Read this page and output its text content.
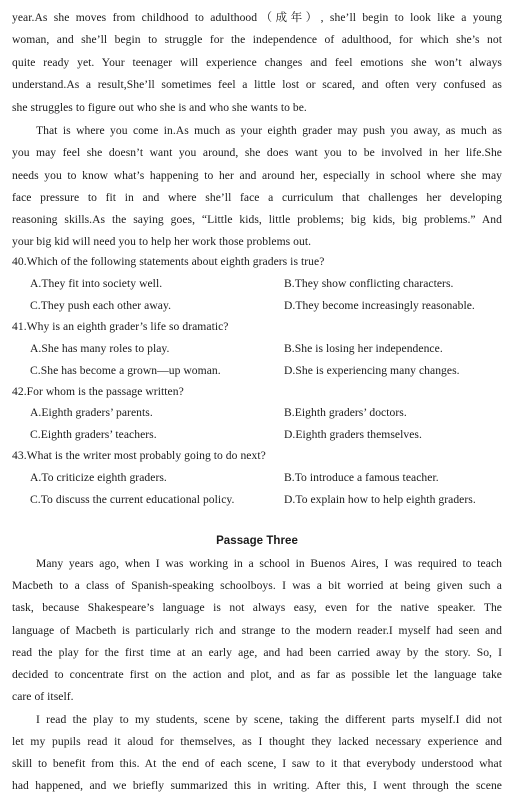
year.As she moves from childhood to adulthood（成年）, she’ll begin to look like a young
woman, and she’ll begin to struggle for the independence of adulthood, for which she’s not
quite ready yet. Your teenager will experience changes and feel emotions she won’t always
understand.As a result,She’ll sometimes feel a little lost or scared, and often very confused as
she struggles to figure out who she is and who she wants to be.
That is where you come in.As much as your eighth grader may push you away, as much as
you may feel she doesn’t want you around, she does want you to be involved in her life.She
needs you to know what’s happening to her and around her, especially in school where she may
face pressure to fit in and where she’ll face a curriculum that challenges her developing
reasoning skills.As the saying goes, “Little kids, little problems; big kids, big problems.” And
your big kid will need you to help her work those problems out.
40.Which of the following statements about eighth graders is true?
A.They fit into society well.	B.They show conflicting characters.
C.They push each other away.	D.They become increasingly reasonable.
41.Why is an eighth grader’s life so dramatic?
A.She has many roles to play.	B.She is losing her independence.
C.She has become a grown—up woman.	D.She is experiencing many changes.
42.For whom is the passage written?
A.Eighth graders’ parents.	B.Eighth graders’ doctors.
C.Eighth graders’ teachers.	D.Eighth graders themselves.
43.What is the writer most probably going to do next?
A.To criticize eighth graders.	B.To introduce a famous teacher.
C.To discuss the current educational policy.	D.To explain how to help eighth graders.
Passage Three
Many years ago, when I was working in a school in Buenos Aires, I was required to teach
Macbeth to a class of Spanish-speaking schoolboys. I was a bit worried at being given such a
task, because Shakespeare’s language is not always easy, even for the native speaker. The
language of Macbeth is particularly rich and strange to the modern reader.I myself had seen and
read the play for the first time at an early age, and had been carried away by the story. So, I
decided to concentrate first on the action and plot, and as far as possible let the language take
care of itself.
I read the play to my students, scene by scene, taking the different parts myself.I did not
let my pupils read it aloud for themselves, as I thought they lacked necessary experience and
skill to benefit from this. At the end of each scene, I saw to it that everybody understood what
had happened, and we briefly summarized this in writing. After this, I went through the scene
